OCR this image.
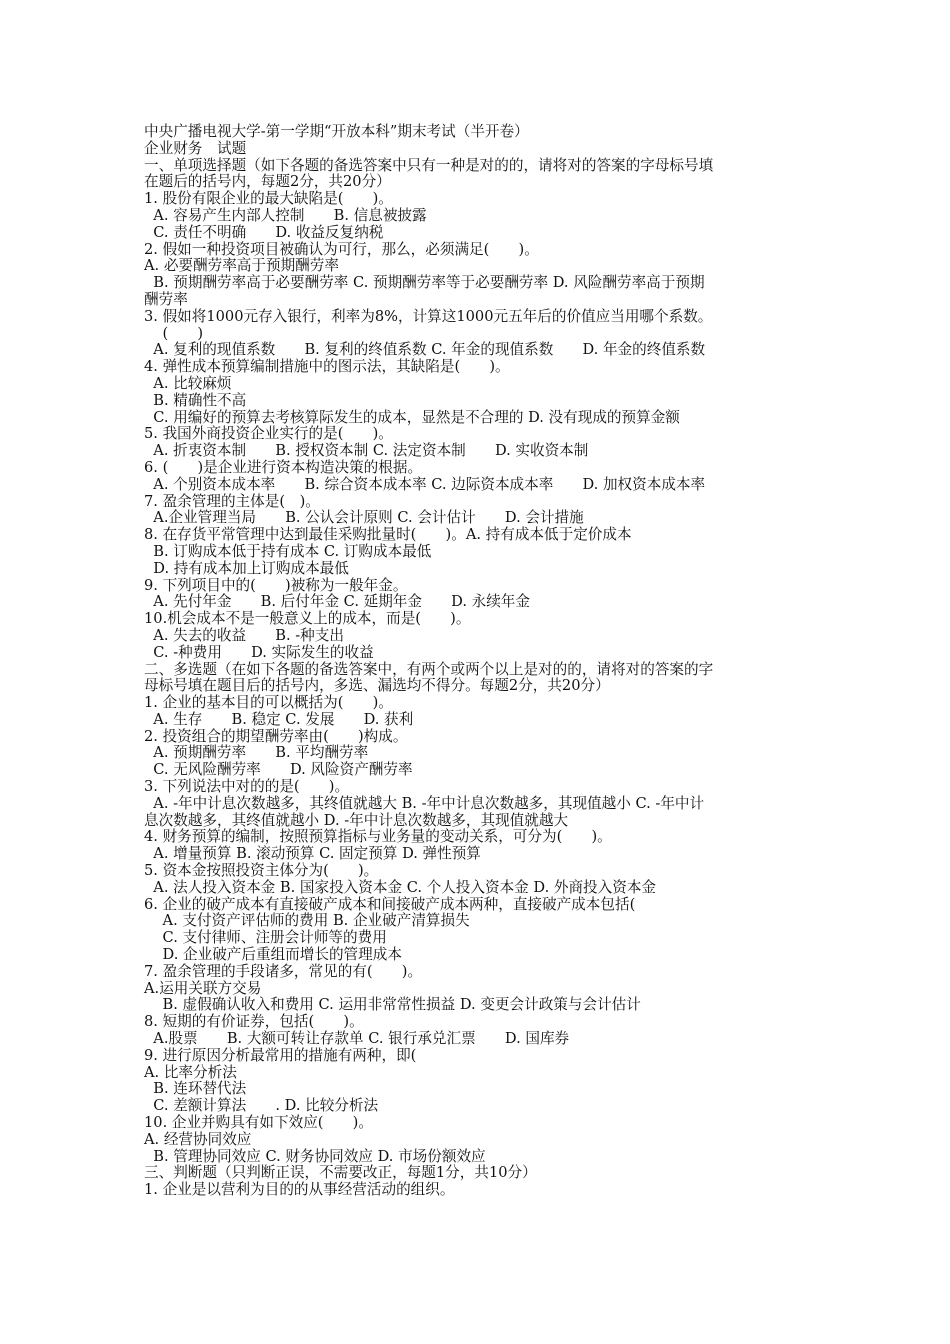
中央广播电视大学-第一学期“开放本科”期末考试（半开卷）
企业财务　试题
一、单项选择题（如下各题的备选答案中只有一种是对的的，请将对的答案的字母标号填
在题后的括号内，每题2分，共20分）
1. 股份有限企业的最大缺陷是(　　)。
A. 容易产生内部人控制　　B. 信息被披露
C. 责任不明确　　D. 收益反复纳税
2. 假如一种投资项目被确认为可行，那么，必须满足(　　)。
A. 必要酬劳率高于预期酬劳率
B. 预期酬劳率高于必要酬劳率 C. 预期酬劳率等于必要酬劳率 D. 风险酬劳率高于预期
酬劳率
3. 假如将1000元存入银行，利率为8%，计算这1000元五年后的价值应当用哪个系数。
(　　)
A. 复利的现值系数　　B. 复利的终值系数 C. 年金的现值系数　　D. 年金的终值系数
4. 弹性成本预算编制措施中的图示法，其缺陷是(　　)。
A. 比较麻烦
B. 精确性不高
C. 用编好的预算去考核算际发生的成本，显然是不合理的 D. 没有现成的预算金额
5. 我国外商投资企业实行的是(　　)。
A. 折衷资本制　　B. 授权资本制 C. 法定资本制　　D. 实收资本制
6. (　　)是企业进行资本构造决策的根据。
A. 个别资本成本率　　B. 综合资本成本率 C. 边际资本成本率　　D. 加权资本成本率
7. 盈余管理的主体是(　)。
A.企业管理当局　　B. 公认会计原则 C. 会计估计　　D. 会计措施
8. 在存货平常管理中达到最佳采购批量时(　　)。A. 持有成本低于定价成本
B. 订购成本低于持有成本 C. 订购成本最低
D. 持有成本加上订购成本最低
9. 下列项目中的(　　)被称为一般年金。
A. 先付年金　　B. 后付年金 C. 延期年金　　D. 永续年金
10.机会成本不是一般意义上的成本，而是(　　)。
A. 失去的收益　　B. -种支出
C. -种费用　　D. 实际发生的收益
二、多选题（在如下各题的备选答案中，有两个或两个以上是对的的，请将对的答案的字
母标号填在题目后的括号内，多选、漏选均不得分。每题2分，共20分）
1. 企业的基本目的可以概括为(　　)。
A. 生存　　B. 稳定 C. 发展　　D. 获利
2. 投资组合的期望酬劳率由(　　)构成。
A. 预期酬劳率　　B. 平均酬劳率
C. 无风险酬劳率　　D. 风险资产酬劳率
3. 下列说法中对的的是(　　)。
A. -年中计息次数越多，其终值就越大 B. -年中计息次数越多，其现值越小 C. -年中计
息次数越多，其终值就越小 D. -年中计息次数越多，其现值就越大
4. 财务预算的编制，按照预算指标与业务量的变动关系，可分为(　　)。
A. 增量预算 B. 滚动预算 C. 固定预算 D. 弹性预算
5. 资本金按照投资主体分为(　　)。
A. 法人投入资本金 B. 国家投入资本金 C. 个人投入资本金 D. 外商投入资本金
6. 企业的破产成本有直接破产成本和间接破产成本两种，直接破产成本包括(
A. 支付资产评估师的费用 B. 企业破产清算损失
C. 支付律师、注册会计师等的费用
D. 企业破产后重组而增长的管理成本
7. 盈余管理的手段诸多，常见的有(　　)。
A.运用关联方交易
B. 虚假确认收入和费用 C. 运用非常常性损益 D. 变更会计政策与会计估计
8. 短期的有价证券，包括(　　)。
A.股票　　B. 大额可转让存款单 C. 银行承兑汇票　　D. 国库券
9. 进行原因分析最常用的措施有两种，即(
A. 比率分析法
B. 连环替代法
C. 差额计算法　　. D. 比较分析法
10. 企业并购具有如下效应(　　)。
A. 经营协同效应
B. 管理协同效应 C. 财务协同效应 D. 市场份额效应
三、判断题（只判断正误，不需要改正，每题1分，共10分）
1. 企业是以营利为目的的从事经营活动的组织。
